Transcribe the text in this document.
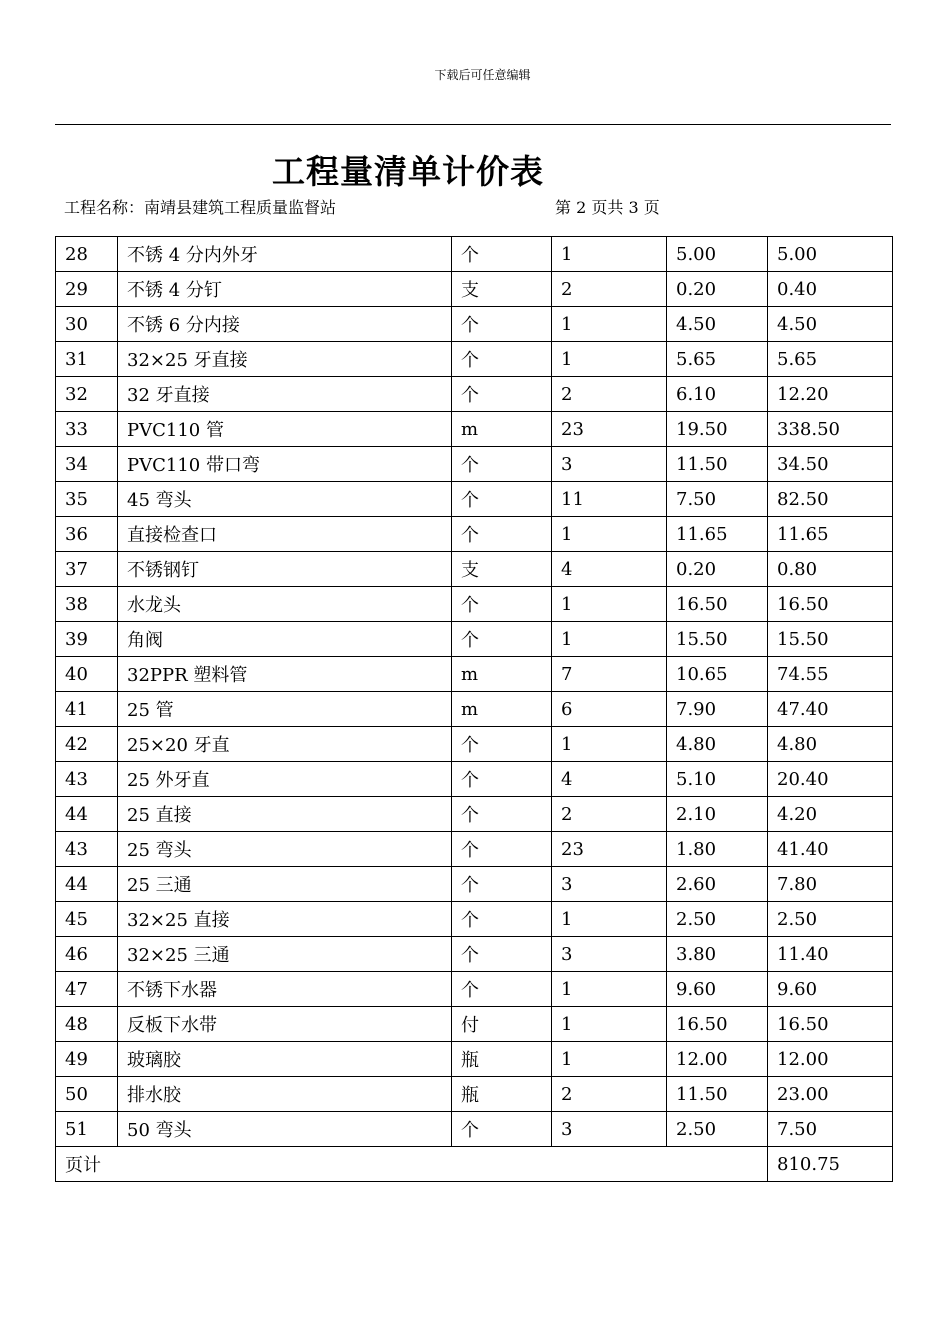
下载后可任意编辑
工程量清单计价表
工程名称：南靖县建筑工程质量监督站	第 2 页共 3 页
28	不锈 4 分内外牙	个	1	5.00	5.00
29	不锈 4 分钉	支	2	0.20	0.40
30	不锈 6 分内接	个	1	4.50	4.50
31	32×25 牙直接	个	1	5.65	5.65
32	32 牙直接	个	2	6.10	12.20
33	PVC110 管	m	23	19.50	338.50
34	PVC110 带口弯	个	3	11.50	34.50
35	45 弯头	个	11	7.50	82.50
36	直接检查口	个	1	11.65	11.65
37	不锈钢钉	支	4	0.20	0.80
38	水龙头	个	1	16.50	16.50
39	角阀	个	1	15.50	15.50
40	32PPR 塑料管	m	7	10.65	74.55
41	25 管	m	6	7.90	47.40
42	25×20 牙直	个	1	4.80	4.80
43	25 外牙直	个	4	5.10	20.40
44	25 直接	个	2	2.10	4.20
43	25 弯头	个	23	1.80	41.40
44	25 三通	个	3	2.60	7.80
45	32×25 直接	个	1	2.50	2.50
46	32×25 三通	个	3	3.80	11.40
47	不锈下水器	个	1	9.60	9.60
48	反板下水带	付	1	16.50	16.50
49	玻璃胶	瓶	1	12.00	12.00
50	排水胶	瓶	2	11.50	23.00
51	50 弯头	个	3	2.50	7.50
页计					810.75
